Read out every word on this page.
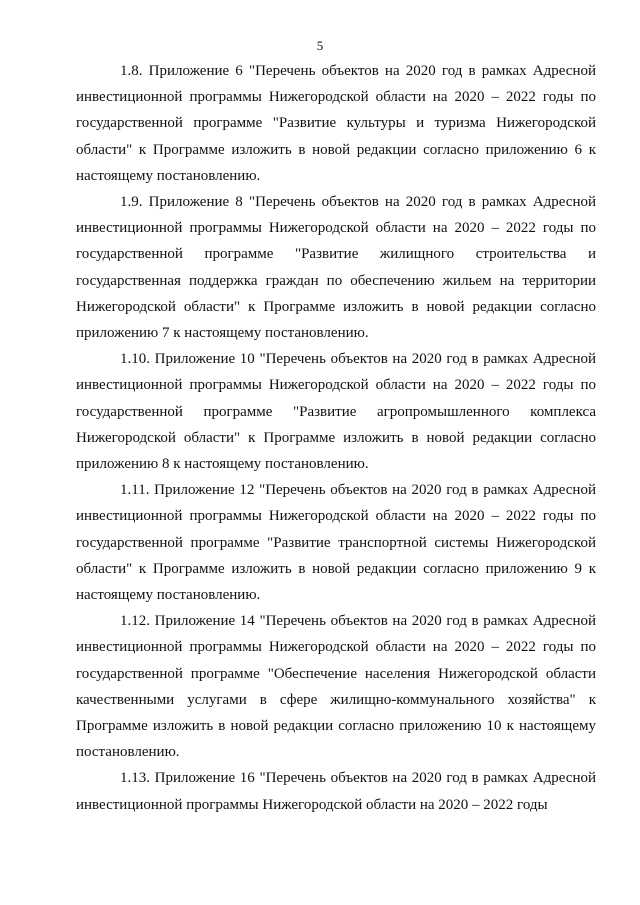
5

1.8. Приложение 6 "Перечень объектов на 2020 год в рамках Адресной инвестиционной программы Нижегородской области на 2020 – 2022 годы по государственной программе "Развитие культуры и туризма Нижегородской области" к Программе изложить в новой редакции согласно приложению 6 к настоящему постановлению.

1.9. Приложение 8 "Перечень объектов на 2020 год в рамках Адресной инвестиционной программы Нижегородской области на 2020 – 2022 годы по государственной программе "Развитие жилищного строительства и государственная поддержка граждан по обеспечению жильем на территории Нижегородской области" к Программе изложить в новой редакции согласно приложению 7 к настоящему постановлению.

1.10. Приложение 10 "Перечень объектов на 2020 год в рамках Адресной инвестиционной программы Нижегородской области на 2020 – 2022 годы по государственной программе "Развитие агропромышленного комплекса Нижегородской области" к Программе изложить в новой редакции согласно приложению 8 к настоящему постановлению.

1.11. Приложение 12 "Перечень объектов на 2020 год в рамках Адресной инвестиционной программы Нижегородской области на 2020 – 2022 годы по государственной программе "Развитие транспортной системы Нижегородской области" к Программе изложить в новой редакции согласно приложению 9 к настоящему постановлению.

1.12. Приложение 14 "Перечень объектов на 2020 год в рамках Адресной инвестиционной программы Нижегородской области на 2020 – 2022 годы по государственной программе "Обеспечение населения Нижегородской области качественными услугами в сфере жилищно-коммунального хозяйства" к Программе изложить в новой редакции согласно приложению 10 к настоящему постановлению.

1.13. Приложение 16 "Перечень объектов на 2020 год в рамках Адресной инвестиционной программы Нижегородской области на 2020 – 2022 годы
